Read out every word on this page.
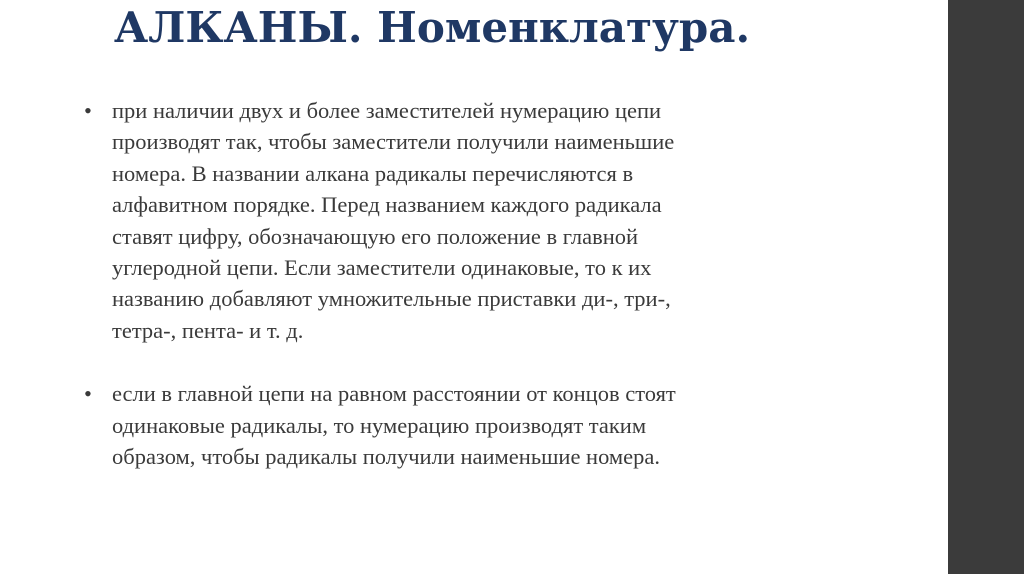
АЛКАНЫ. Номенклатура.
• при наличии двух и более заместителей нумерацию цепи
производят так, чтобы заместители получили наименьшие
номера. В названии алкана радикалы перечисляются в
алфавитном порядке. Перед названием каждого радикала
ставят цифру, обозначающую его положение в главной
углеродной цепи. Если заместители одинаковые, то к их
названию добавляют умножительные приставки ди-, три-,
тетра-, пента- и т. д.
• если в главной цепи на равном расстоянии от концов стоят
одинаковые радикалы, то нумерацию производят таким
образом, чтобы радикалы получили наименьшие номера.
